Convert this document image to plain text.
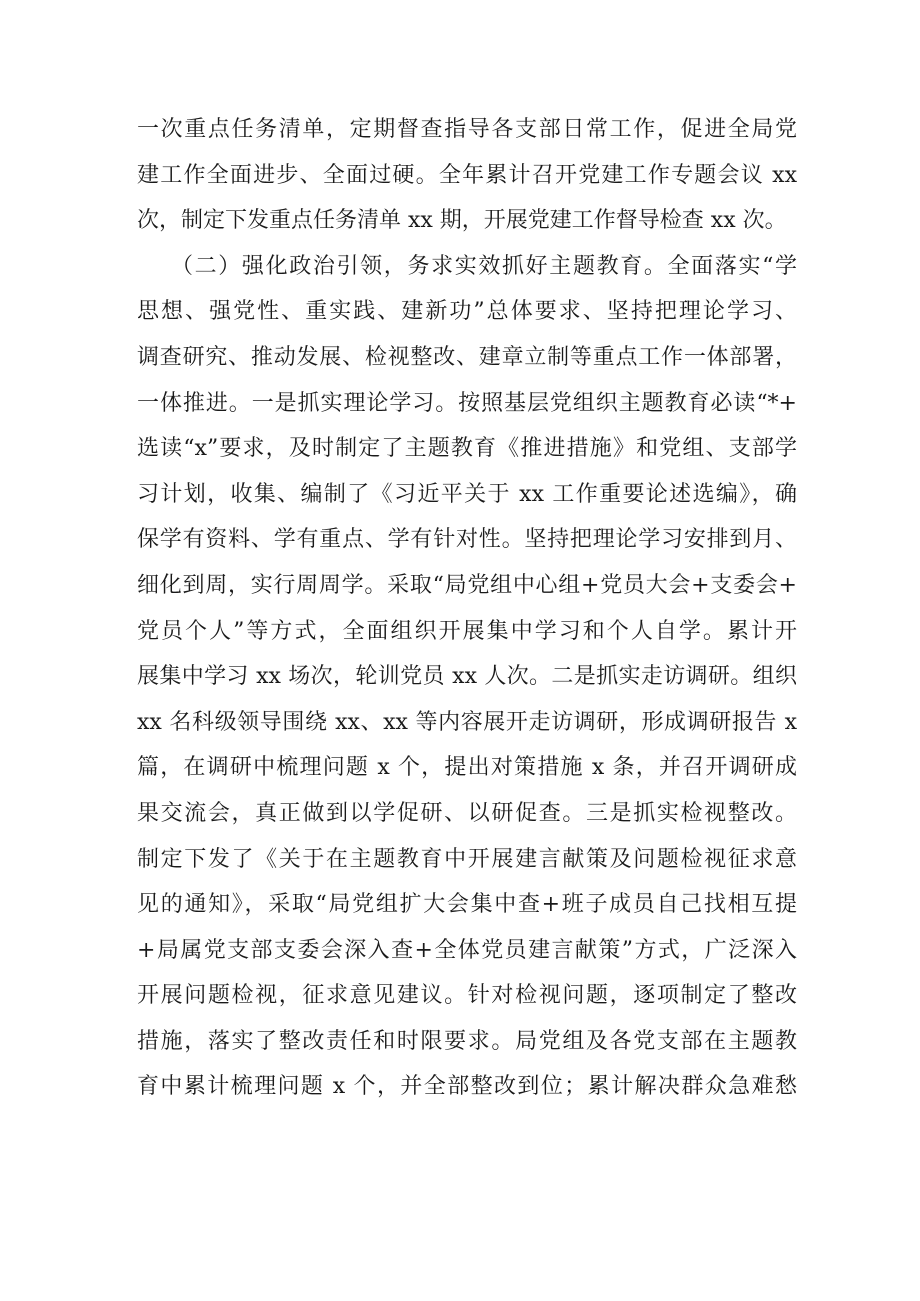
一次重点任务清单，定期督查指导各支部日常工作，促进全局党
建工作全面进步、全面过硬。全年累计召开党建工作专题会议 xx
次，制定下发重点任务清单 xx 期，开展党建工作督导检查 xx 次。
（二）强化政治引领，务求实效抓好主题教育。全面落实“学
思想、强党性、重实践、建新功”总体要求、坚持把理论学习、
调查研究、推动发展、检视整改、建章立制等重点工作一体部署，
一体推进。一是抓实理论学习。按照基层党组织主题教育必读“*+
选读“x”要求，及时制定了主题教育《推进措施》和党组、支部学
习计划，收集、编制了《习近平关于 xx 工作重要论述选编》，确
保学有资料、学有重点、学有针对性。坚持把理论学习安排到月、
细化到周，实行周周学。采取“局党组中心组+党员大会+支委会+
党员个人”等方式，全面组织开展集中学习和个人自学。累计开
展集中学习 xx 场次，轮训党员 xx 人次。二是抓实走访调研。组织
xx 名科级领导围绕 xx、xx 等内容展开走访调研，形成调研报告 x
篇，在调研中梳理问题 x 个，提出对策措施 x 条，并召开调研成
果交流会，真正做到以学促研、以研促查。三是抓实检视整改。
制定下发了《关于在主题教育中开展建言献策及问题检视征求意
见的通知》，采取“局党组扩大会集中查+班子成员自己找相互提
+局属党支部支委会深入查+全体党员建言献策”方式，广泛深入
开展问题检视，征求意见建议。针对检视问题，逐项制定了整改
措施，落实了整改责任和时限要求。局党组及各党支部在主题教
育中累计梳理问题 x 个，并全部整改到位；累计解决群众急难愁
